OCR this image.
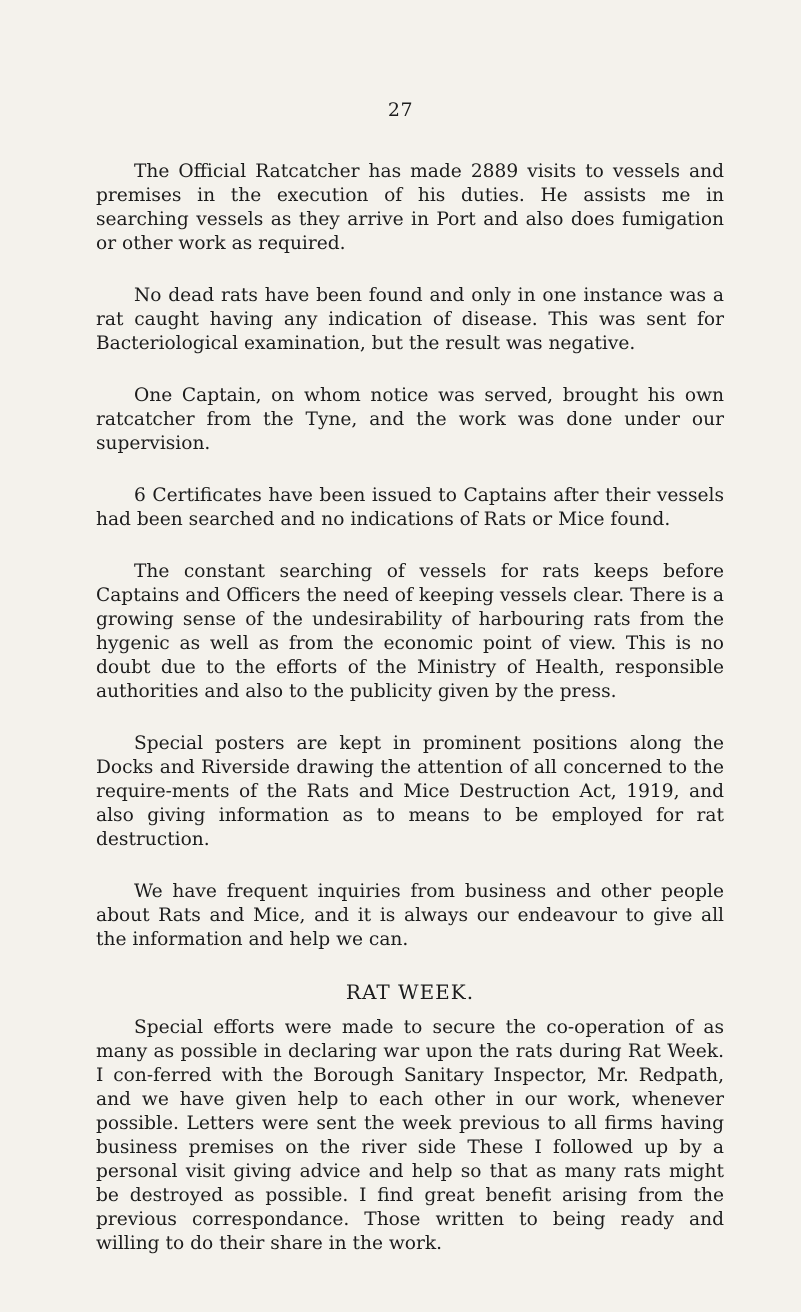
27

The Official Ratcatcher has made 2889 visits to vessels and premises in the execution of his duties. He assists me in searching vessels as they arrive in Port and also does fumigation or other work as required.

No dead rats have been found and only in one instance was a rat caught having any indication of disease. This was sent for Bacteriological examination, but the result was negative.

One Captain, on whom notice was served, brought his own ratcatcher from the Tyne, and the work was done under our supervision.

6 Certificates have been issued to Captains after their vessels had been searched and no indications of Rats or Mice found.

The constant searching of vessels for rats keeps before Captains and Officers the need of keeping vessels clear. There is a growing sense of the undesirability of harbouring rats from the hygenic as well as from the economic point of view. This is no doubt due to the efforts of the Ministry of Health, responsible authorities and also to the publicity given by the press.

Special posters are kept in prominent positions along the Docks and Riverside drawing the attention of all concerned to the require-ments of the Rats and Mice Destruction Act, 1919, and also giving information as to means to be employed for rat destruction.

We have frequent inquiries from business and other people about Rats and Mice, and it is always our endeavour to give all the information and help we can.

RAT WEEK.

Special efforts were made to secure the co-operation of as many as possible in declaring war upon the rats during Rat Week. I con-ferred with the Borough Sanitary Inspector, Mr. Redpath, and we have given help to each other in our work, whenever possible. Letters were sent the week previous to all firms having business premises on the river side These I followed up by a personal visit giving advice and help so that as many rats might be destroyed as possible. I find great benefit arising from the previous correspondance. Those written to being ready and willing to do their share in the work.
